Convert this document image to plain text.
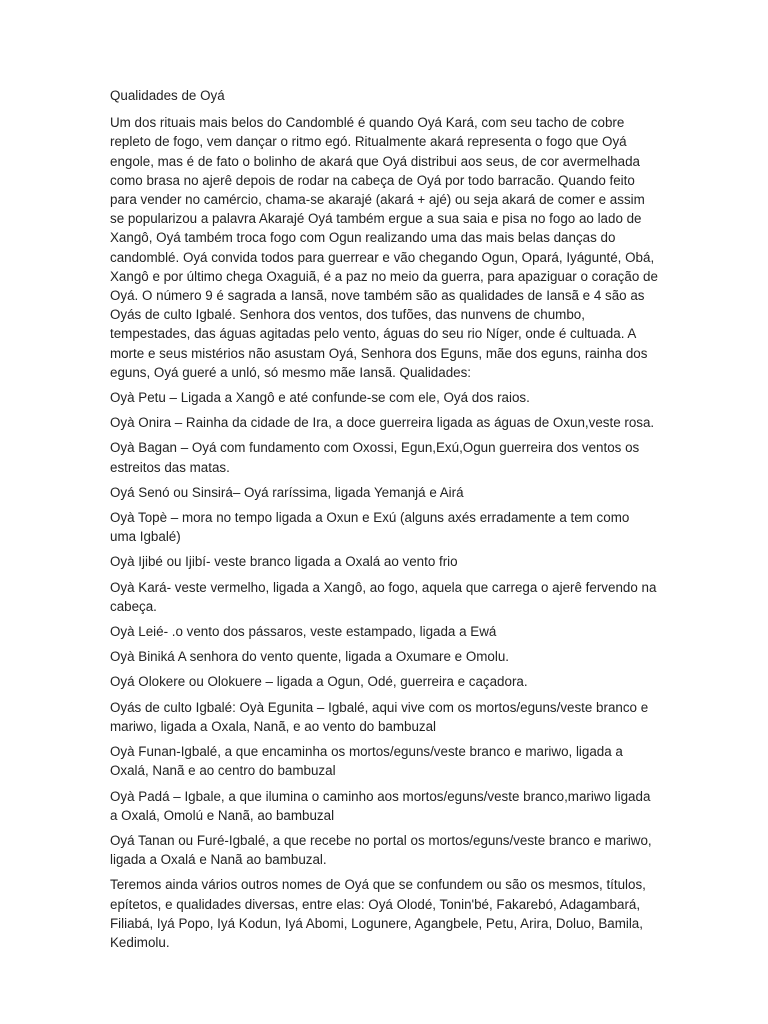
Qualidades de Oyá

Um dos rituais mais belos do Candomblé é quando Oyá Kará, com seu tacho de cobre repleto de fogo, vem dançar o ritmo egó. Ritualmente akará representa o fogo que Oyá engole, mas é de fato o bolinho de akará que Oyá distribui aos seus, de cor avermelhada como brasa no ajerê depois de rodar na cabeça de Oyá por todo barracão. Quando feito para vender no camércio, chama-se akarajé (akará + ajé) ou seja akará de comer e assim se popularizou a palavra Akarajé Oyá também ergue a sua saia e pisa no fogo ao lado de Xangô, Oyá também troca fogo com Ogun realizando uma das mais belas danças do candomblé. Oyá convida todos para guerrear e vão chegando Ogun, Opará, Iyágunté, Obá, Xangô e por último chega Oxaguiã, é a paz no meio da guerra, para apaziguar o coração de Oyá. O número 9 é sagrada a Iansã, nove também são as qualidades de Iansã e 4 são as Oyás de culto Igbalé. Senhora dos ventos, dos tufões, das nunvens de chumbo, tempestades, das águas agitadas pelo vento, águas do seu rio Níger, onde é cultuada. A morte e seus mistérios não asustam Oyá, Senhora dos Eguns, mãe dos eguns, rainha dos eguns, Oyá gueré a unló, só mesmo mãe Iansã. Qualidades:

Oyà Petu – Ligada a Xangô e até confunde-se com ele, Oyá dos raios.
Oyà Onira – Rainha da cidade de Ira, a doce guerreira ligada as águas de Oxun,veste rosa.
Oyà Bagan – Oyá com fundamento com Oxossi, Egun,Exú,Ogun guerreira dos ventos os estreitos das matas.
Oyá Senó ou Sinsirá– Oyá raríssima, ligada Yemanjá e Airá
Oyà Topè – mora no tempo ligada a Oxun e Exú (alguns axés erradamente a tem como uma Igbalé)
Oyà Ijibé ou Ijibí- veste branco ligada a Oxalá ao vento frio
Oyà Kará- veste vermelho, ligada a Xangô, ao fogo, aquela que carrega o ajerê fervendo na cabeça.
Oyà Leié- .o vento dos pássaros, veste estampado, ligada a Ewá
Oyà Biniká A senhora do vento quente, ligada a Oxumare e Omolu.
Oyá Olokere ou Olokuere – ligada a Ogun, Odé, guerreira e caçadora.
Oyás de culto Igbalé: Oyà Egunita – Igbalé, aqui vive com os mortos/eguns/veste branco e mariwo, ligada a Oxala, Nanã, e ao vento do bambuzal
Oyà Funan-Igbalé, a que encaminha os mortos/eguns/veste branco e mariwo, ligada a Oxalá, Nanã e ao centro do bambuzal
Oyà Padá – Igbale, a que ilumina o caminho aos mortos/eguns/veste branco,mariwo ligada a Oxalá, Omolú e Nanã, ao bambuzal
Oyá Tanan ou Furé-Igbalé, a que recebe no portal os mortos/eguns/veste branco e mariwo, ligada a Oxalá e Nanã ao bambuzal.

Teremos ainda vários outros nomes de Oyá que se confundem ou são os mesmos, títulos, epítetos, e qualidades diversas, entre elas: Oyá Olodé, Tonin'bé, Fakarebó, Adagambará, Filiabá, Iyá Popo, Iyá Kodun, Iyá Abomi, Logunere, Agangbele, Petu, Arira, Doluo, Bamila, Kedimolu.
